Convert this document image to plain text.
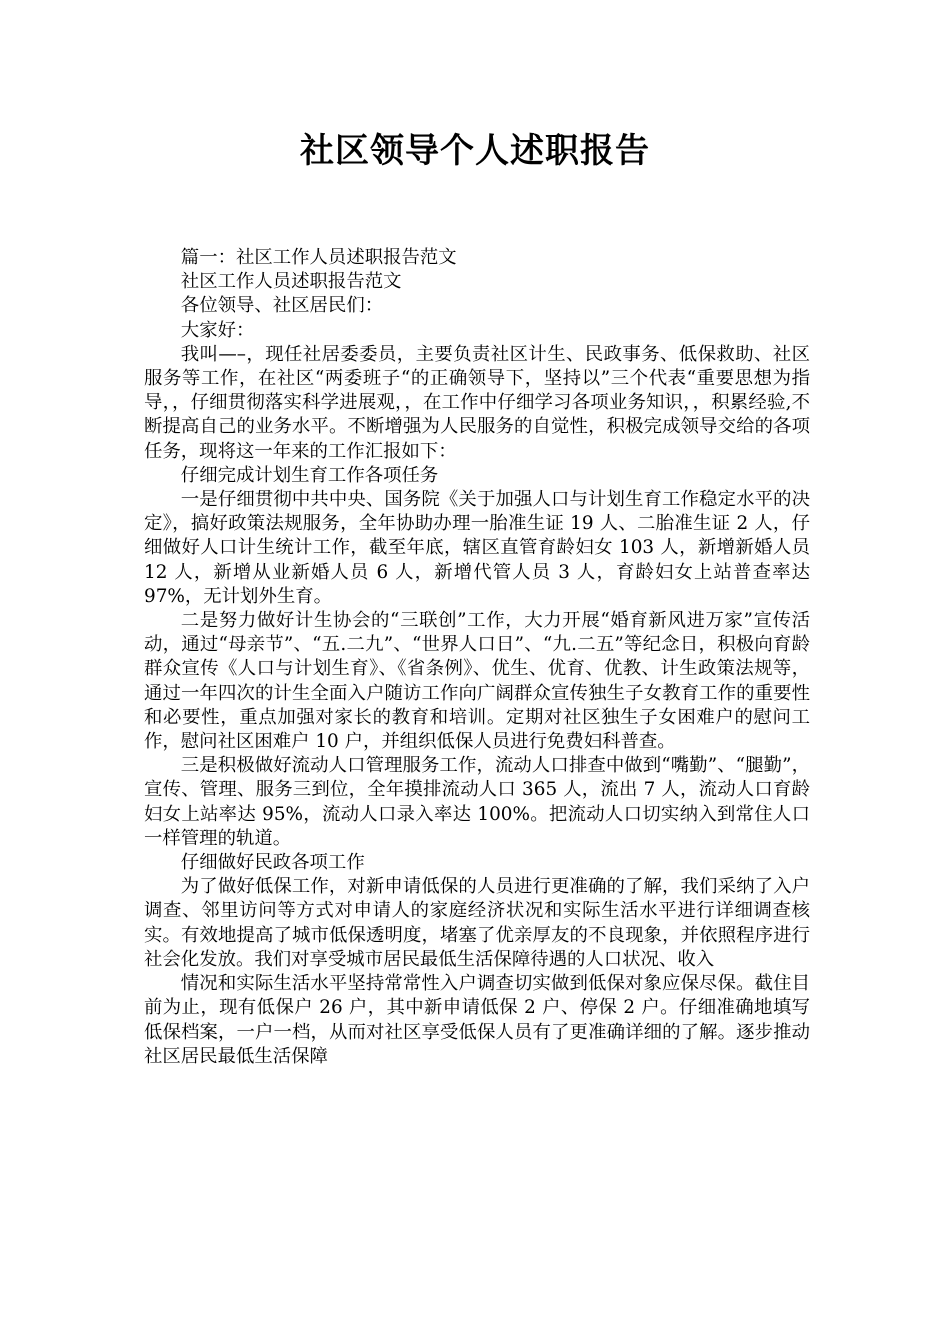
社区领导个人述职报告

篇一：社区工作人员述职报告范文

社区工作人员述职报告范文

各位领导、社区居民们：

大家好：

我叫—–，现任社居委委员，主要负责社区计生、民政事务、低保救助、社区服务等工作，在社区“两委班子“的正确领导下，坚持以”三个代表“重要思想为指导，，仔细贯彻落实科学进展观，，在工作中仔细学习各项业务知识，，积累经验,不断提高自己的业务水平。不断增强为人民服务的自觉性，积极完成领导交给的各项任务，现将这一年来的工作汇报如下：

仔细完成计划生育工作各项任务

一是仔细贯彻中共中央、国务院《关于加强人口与计划生育工作稳定水平的决定》，搞好政策法规服务，全年协助办理一胎准生证 19 人、二胎准生证 2 人，仔细做好人口计生统计工作，截至年底，辖区直管育龄妇女 103 人，新增新婚人员 12 人，新增从业新婚人员 6 人，新增代管人员 3 人，育龄妇女上站普查率达 97%，无计划外生育。

二是努力做好计生协会的“三联创”工作，大力开展“婚育新风进万家”宣传活动，通过“母亲节”、“五.二九”、“世界人口日”、“九.二五”等纪念日，积极向育龄群众宣传《人口与计划生育》、《省条例》、优生、优育、优教、计生政策法规等，通过一年四次的计生全面入户随访工作向广阔群众宣传独生子女教育工作的重要性和必要性，重点加强对家长的教育和培训。定期对社区独生子女困难户的慰问工作，慰问社区困难户 10 户，并组织低保人员进行免费妇科普查。

三是积极做好流动人口管理服务工作，流动人口排查中做到“嘴勤”、“腿勤”，宣传、管理、服务三到位，全年摸排流动人口 365 人，流出 7 人，流动人口育龄妇女上站率达 95%，流动人口录入率达 100%。把流动人口切实纳入到常住人口一样管理的轨道。

仔细做好民政各项工作

为了做好低保工作，对新申请低保的人员进行更准确的了解，我们采纳了入户调查、邻里访问等方式对申请人的家庭经济状况和实际生活水平进行详细调查核实。有效地提高了城市低保透明度，堵塞了优亲厚友的不良现象，并依照程序进行社会化发放。我们对享受城市居民最低生活保障待遇的人口状况、收入

情况和实际生活水平坚持常常性入户调查切实做到低保对象应保尽保。截住目前为止，现有低保户 26 户，其中新申请低保 2 户、停保 2 户。仔细准确地填写低保档案，一户一档，从而对社区享受低保人员有了更准确详细的了解。逐步推动社区居民最低生活保障
